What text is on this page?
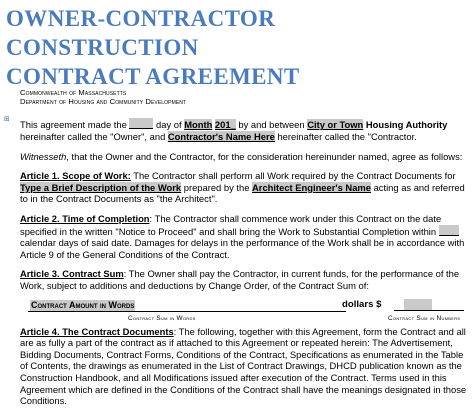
OWNER-CONTRACTOR CONSTRUCTION
CONTRACT AGREEMENT
⊞
Commonwealth of Massachusetts
Department of Housing and Community Development

This agreement made the	day of Month 201_ by and between City or Town Housing Authority hereinafter called the "Owner", and Contractor's Name Here hereinafter called the "Contractor.

Witnesseth, that the Owner and the Contractor, for the consideration hereinunder named, agree as follows:

Article 1. Scope of Work: The Contractor shall perform all Work required by the Contract Documents for Type a Brief Description of the Work prepared by the Architect Engineer's Name acting as and referred to in the Contract Documents as "the Architect".

Article 2. Time of Completion: The Contractor shall commence work under this Contract on the date specified in the written "Notice to Proceed" and shall bring the Work to Substantial Completion within  calendar days of said date. Damages for delays in the performance of the Work shall be in accordance with Article 9 of the General Conditions of the Contract.

Article 3. Contract Sum: The Owner shall pay the Contractor, in current funds, for the performance of the Work, subject to additions and deductions by Change Order, of the Contract Sum of:

Contract Amount in Words
Contract Sum in Words
dollars $
Contract Sum in Numbers

Article 4. The Contract Documents: The following, together with this Agreement, form the Contract and all are as fully a part of the contract as if attached to this Agreement or repeated herein: The Advertisement, Bidding Documents, Contract Forms, Conditions of the Contract, Specifications as enumerated in the Table of Contents, the drawings as enumerated in the List of Contract Drawings, DHCD publication known as the Construction Handbook, and all Modifications issued after execution of the Contract. Terms used in this Agreement which are defined in the Conditions of the Contract shall have the meanings designated in those Conditions.
